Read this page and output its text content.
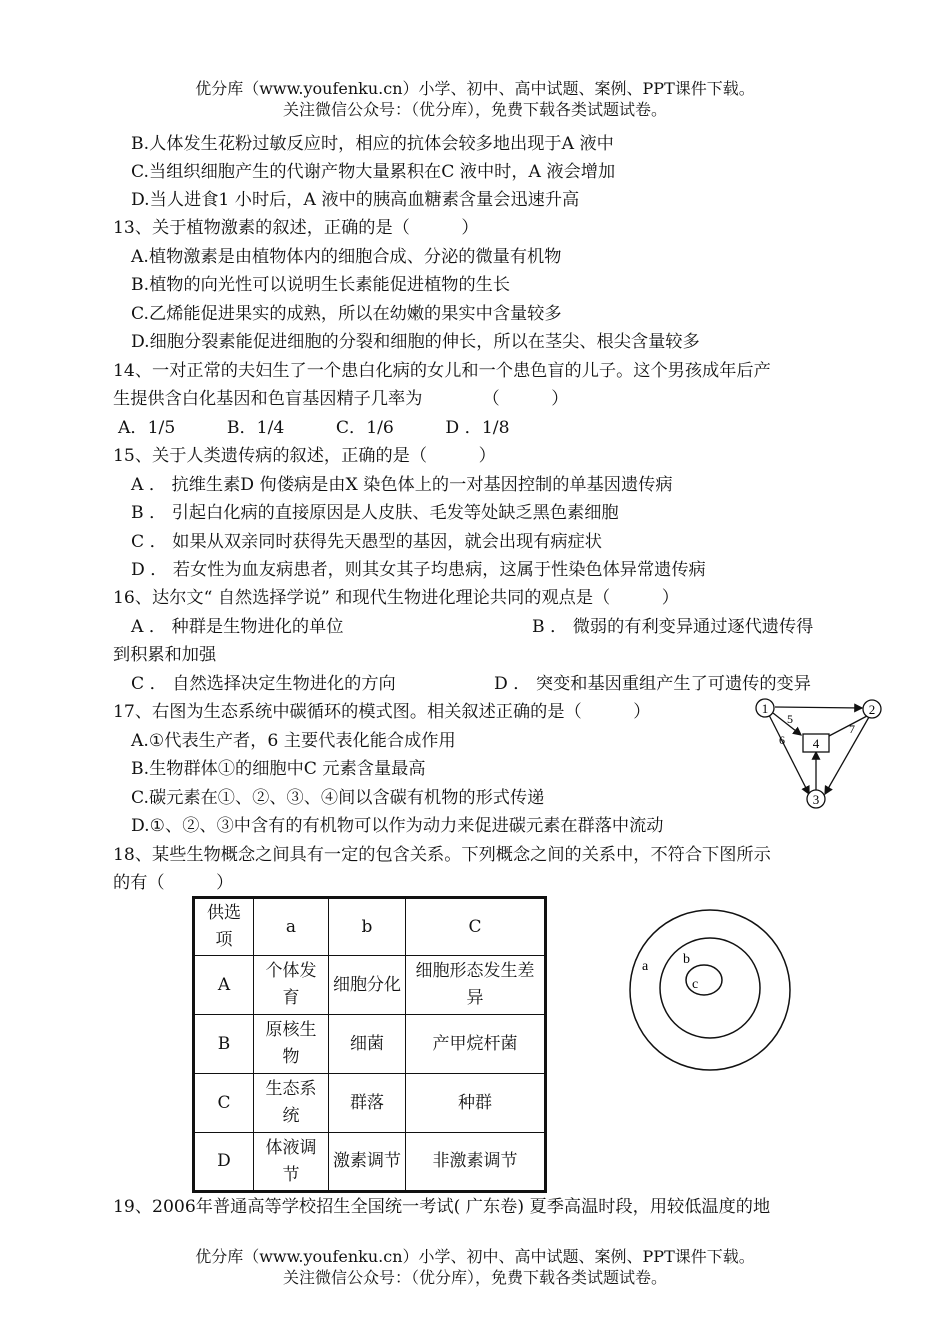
优分库（www.youfenku.cn）小学、初中、高中试题、案例、PPT课件下载。
关注微信公众号：（优分库），免费下载各类试题试卷。
B.人体发生花粉过敏反应时，相应的抗体会较多地出现于A 液中
C.当组织细胞产生的代谢产物大量累积在C 液中时，A 液会增加
D.当人进食1 小时后，A 液中的胰高血糖素含量会迅速升高
13、关于植物激素的叙述，正确的是（　　　）
A.植物激素是由植物体内的细胞合成、分泌的微量有机物
B.植物的向光性可以说明生长素能促进植物的生长
C.乙烯能促进果实的成熟，所以在幼嫩的果实中含量较多
D.细胞分裂素能促进细胞的分裂和细胞的伸长，所以在茎尖、根尖含量较多
14、一对正常的夫妇生了一个患白化病的女儿和一个患色盲的儿子。这个男孩成年后产
生提供含白化基因和色盲基因精子几率为　　　　（　　　）
A．1/5　　　B．1/4　　　C．1/6　　　D ．1/8
15、关于人类遗传病的叙述，正确的是（　　　）
A ． 抗维生素D 佝偻病是由X 染色体上的一对基因控制的单基因遗传病
B ． 引起白化病的直接原因是人皮肤、毛发等处缺乏黑色素细胞
C ． 如果从双亲同时获得先天愚型的基因，就会出现有病症状
D ． 若女性为血友病患者，则其女其子均患病，这属于性染色体异常遗传病
16、达尔文“ 自然选择学说” 和现代生物进化理论共同的观点是（　　　）
A ． 种群是生物进化的单位	B ． 微弱的有利变异通过逐代遗传得
到积累和加强
C ． 自然选择决定生物进化的方向	D ． 突变和基因重组产生了可遗传的变异
17、右图为生态系统中碳循环的模式图。相关叙述正确的是（　　　）
A.①代表生产者，6 主要代表化能合成作用
B.生物群体①的细胞中C 元素含量最高
C.碳元素在①、②、③、④间以含碳有机物的形式传递
D.①、②、③中含有的有机物可以作为动力来促进碳元素在群落中流动
1	2
3
4
5
6
7
18、某些生物概念之间具有一定的包含关系。下列概念之间的关系中，不符合下图所示
的有（　　　）
供选项	a	b	C
A	个体发育	细胞分化	细胞形态发生差异
B	原核生物	细菌	产甲烷杆菌
C	生态系统	群落	种群
D	体液调节	激素调节	非激素调节
a b
c
19、2006年普通高等学校招生全国统一考试( 广东卷) 夏季高温时段，用较低温度的地
优分库（www.youfenku.cn）小学、初中、高中试题、案例、PPT课件下载。
关注微信公众号：（优分库），免费下载各类试题试卷。
